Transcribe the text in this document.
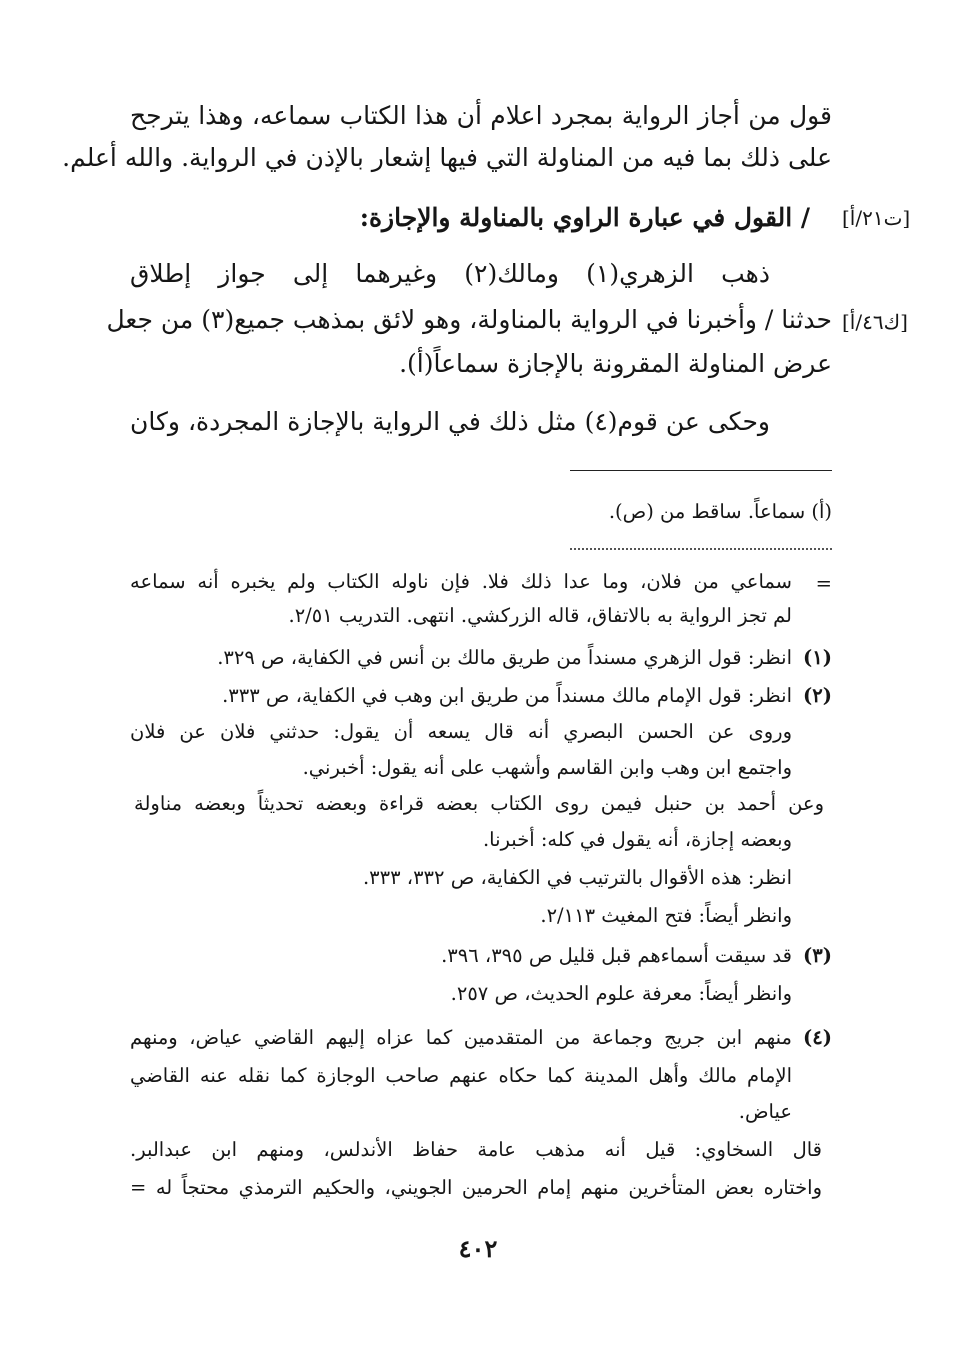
قول من أجاز الرواية بمجرد اعلام أن هذا الكتاب سماعه، وهذا يترجح
على ذلك بما فيه من المناولة التي فيها إشعار بالإذن في الرواية. والله أعلم.
[ت٢١/أ]
/ القول في عبارة الراوي بالمناولة والإجازة:
ذهب الزهري(١) ومالك(٢) وغيرهما إلى جواز إطلاق
[ك٤٦/أ]
حدثنا / وأخبرنا في الرواية بالمناولة، وهو لائق بمذهب جميع(٣) من جعل
عرض المناولة المقرونة بالإجازة سماعاً(أ).
وحكى عن قوم(٤) مثل ذلك في الرواية بالإجازة المجردة، وكان
(أ) سماعاً. ساقط من (ص).
=
سماعي من فلان، وما عدا ذلك فلا. فإن ناوله الكتاب ولم يخبره أنه سماعه
لم تجز الرواية به بالاتفاق، قاله الزركشي. انتهى. التدريب ٢/٥١.
(١)
انظر: قول الزهري مسنداً من طريق مالك بن أنس في الكفاية، ص ٣٢٩.
(٢)
انظر: قول الإمام مالك مسنداً من طريق ابن وهب في الكفاية، ص ٣٣٣.
وروى عن الحسن البصري أنه قال يسعه أن يقول: حدثني فلان عن فلان
واجتمع ابن وهب وابن القاسم وأشهب على أنه يقول: أخبرني.
وعن أحمد بن حنبل فيمن روى الكتاب بعضه قراءة وبعضه تحديثاً وبعضه مناولة
وبعضه إجازة، أنه يقول في كله: أخبرنا.
انظر: هذه الأقوال بالترتيب في الكفاية، ص ٣٣٢، ٣٣٣.
وانظر أيضاً: فتح المغيث ٢/١١٣.
(٣)
قد سيقت أسماءهم قبل قليل ص ٣٩٥، ٣٩٦.
وانظر أيضاً: معرفة علوم الحديث، ص ٢٥٧.
(٤)
منهم ابن جريج وجماعة من المتقدمين كما عزاه إليهم القاضي عياض، ومنهم
الإمام مالك وأهل المدينة كما حكاه عنهم صاحب الوجازة كما نقله عنه القاضي
عياض.
قال السخاوي: قيل أنه مذهب عامة حفاظ الأندلس، ومنهم ابن عبدالبر.
واختاره بعض المتأخرين منهم إمام الحرمين الجويني، والحكيم الترمذي محتجاً له =
٤٠٢
